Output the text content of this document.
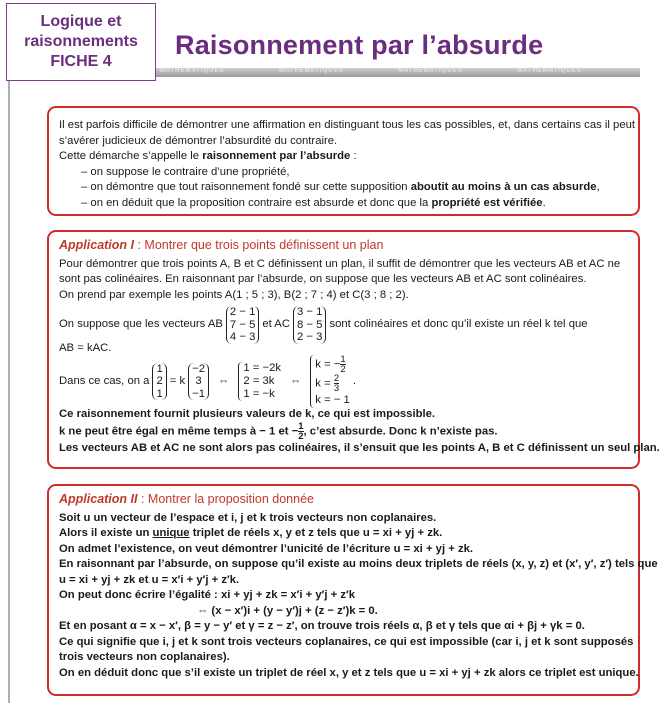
Logique et
raisonnements
FICHE 4
Raisonnement par l’absurde
MATHÉMATIQUES	MATHÉMATIQUES	MATHÉMATIQUES	MATHÉMATIQUES
Il est parfois difficile de démontrer une affirmation en distinguant tous les cas possibles, et, dans certains cas il peut
s’avérer judicieux de démontrer l’absurdité du contraire.
Cette démarche s’appelle le raisonnement par l’absurde :
– on suppose le contraire d’une propriété,
– on démontre que tout raisonnement fondé sur cette supposition aboutit au moins à un cas absurde,
– on en déduit que la proposition contraire est absurde et donc que la propriété est vérifiée.
Application I : Montrer que trois points définissent un plan
Pour démontrer que trois points A, B et C définissent un plan, il suffit de démontrer que les vecteurs AB et AC ne
sont pas colinéaires. En raisonnant par l’absurde, on suppose que les vecteurs AB et AC sont colinéaires.
On prend par exemple les points A(1 ; 5 ; 3), B(2 ; 7 ; 4) et C(3 ; 8 ; 2).
On suppose que les vecteurs AB
2 − 1
7 − 5
4 − 3
et AC
3 − 1
8 − 5
2 − 3
sont colinéaires et donc qu’il existe un réel k tel que
AB = kAC.
Dans ce cas, on a
1
2
1
= k
−2
3
−1
⇔
1 = −2k
2 = 3k
1 = −k
⇔
k = − $\frac{1}{2}$
$k = \frac{2}{3}$
k = − 1
.
Ce raisonnement fournit plusieurs valeurs de k, ce qui est impossible.
k ne peut être égal en même temps à − 1 et − $\frac{1}{2}$ , c’est absurde. Donc k n’existe pas.
Les vecteurs AB et AC ne sont alors pas colinéaires, il s’ensuit que les points A, B et C définissent un seul plan.
Application II : Montrer la proposition donnée
Soit u un vecteur de l’espace et i, j et k trois vecteurs non coplanaires.
Alors il existe un unique triplet de réels x, y et z tels que u = xi + yj + zk.
On admet l’existence, on veut démontrer l’unicité de l’écriture u = xi + yj + zk.
En raisonnant par l’absurde, on suppose qu’il existe au moins deux triplets de réels (x, y, z) et (x′, y′, z′) tels que
u = xi + yj + zk et u = x′i + y′j + z′k.
On peut donc écrire l’égalité : xi + yj + zk = x′i + y′j + z′k
⇔ (x − x′)i + (y − y′)j + (z − z′)k = 0.
Et en posant α = x − x′, β = y − y′ et γ = z − z′, on trouve trois réels α, β et γ tels que αi + βj + γk = 0.
Ce qui signifie que i, j et k sont trois vecteurs coplanaires, ce qui est impossible (car i, j et k sont supposés
trois vecteurs non coplanaires).
On en déduit donc que s’il existe un triplet de réel x, y et z tels que u = xi + yj + zk alors ce triplet est unique.
